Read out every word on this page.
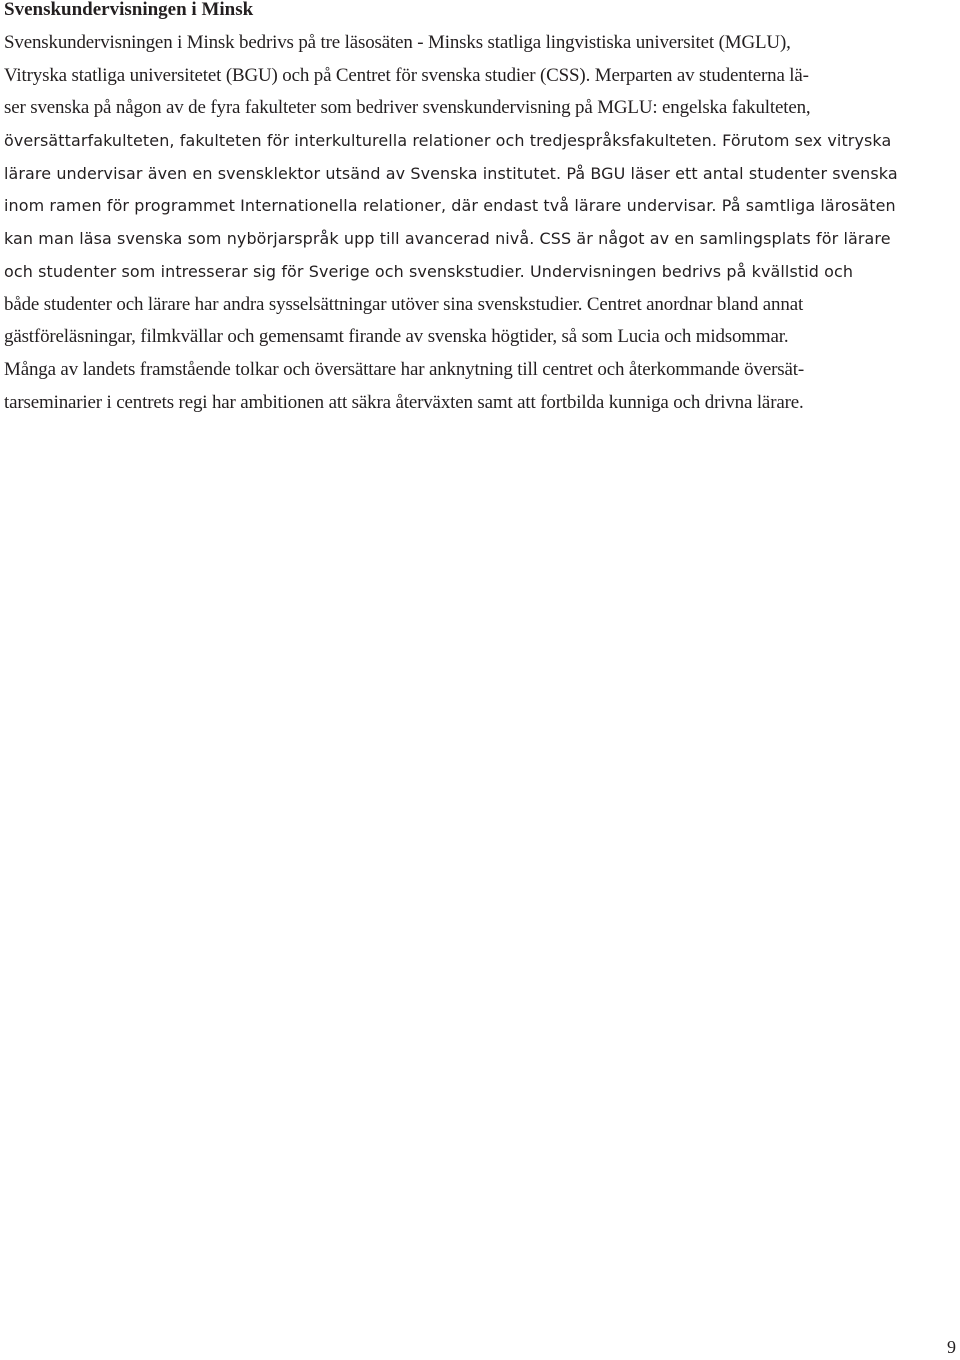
Svenskundervisningen i Minsk
Svenskundervisningen i Minsk bedrivs på tre läsosäten - Minsks statliga lingvistiska universitet (MGLU),
Vitryska statliga universitetet (BGU) och på Centret för svenska studier (CSS). Merparten av studenterna lä-
ser svenska på någon av de fyra fakulteter som bedriver svenskundervisning på MGLU: engelska fakulteten,
översättarfakulteten, fakulteten för interkulturella relationer och tredjespråksfakulteten. Förutom sex vitryska
lärare undervisar även en svensklektor utsänd av Svenska institutet. På BGU läser ett antal studenter svenska
inom ramen för programmet Internationella relationer, där endast två lärare undervisar. På samtliga lärosäten
kan man läsa svenska som nybörjarspråk upp till avancerad nivå. CSS är något av en samlingsplats för lärare
och studenter som intresserar sig för Sverige och svenskstudier. Undervisningen bedrivs på kvällstid och
både studenter och lärare har andra sysselsättningar utöver sina svenskstudier. Centret anordnar bland annat
gästföreläsningar, filmkvällar och gemensamt firande av svenska högtider, så som Lucia och midsommar.
Många av landets framstående tolkar och översättare har anknytning till centret och återkommande översät-
tarseminarier i centrets regi har ambitionen att säkra återväxten samt att fortbilda kunniga och drivna lärare.
9
